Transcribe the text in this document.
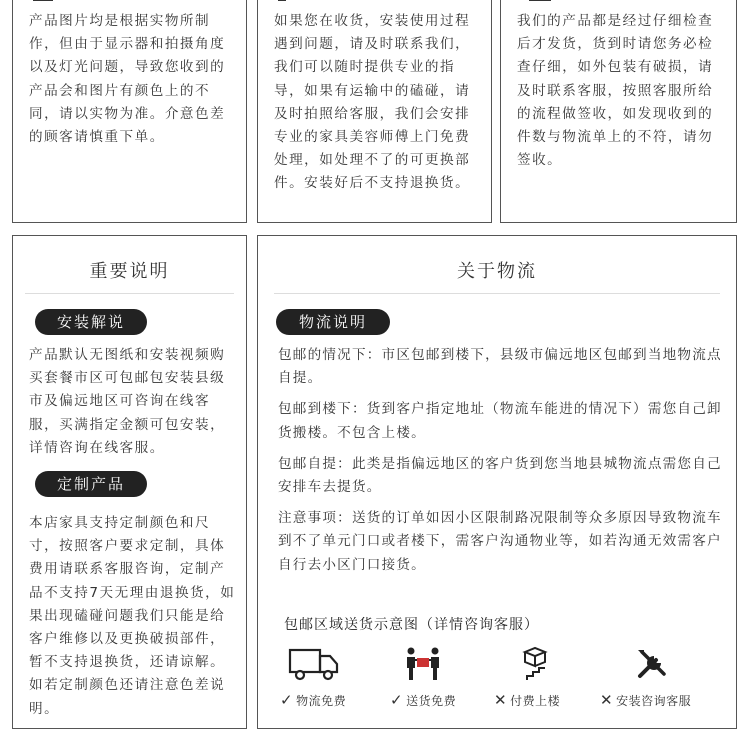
产品图片均是根据实物所制作，但由于显示器和拍摄角度以及灯光问题，导致您收到的产品会和图片有颜色上的不同，请以实物为准。介意色差的顾客请慎重下单。

如果您在收货，安装使用过程遇到问题，请及时联系我们，我们可以随时提供专业的指导，如果有运输中的磕碰，请及时拍照给客服，我们会安排专业的家具美容师傅上门免费处理，如处理不了的可更换部件。安装好后不支持退换货。

我们的产品都是经过仔细检查后才发货，货到时请您务必检查仔细，如外包装有破损，请及时联系客服，按照客服所给的流程做签收，如发现收到的件数与物流单上的不符，请勿签收。

重要说明
安装解说

产品默认无图纸和安装视频购买套餐市区可包邮包安装县级市及偏远地区可咨询在线客服，买满指定金额可包安装，详情咨询在线客服。

定制产品

本店家具支持定制颜色和尺寸，按照客户要求定制，具体费用请联系客服咨询，定制产品不支持7天无理由退换货，如果出现磕碰问题我们只能是给客户维修以及更换破损部件，暂不支持退换货，还请谅解。如若定制颜色还请注意色差说明。

关于物流
物流说明

包邮的情况下：市区包邮到楼下，县级市偏远地区包邮到当地物流点自提。

包邮到楼下：货到客户指定地址（物流车能进的情况下）需您自己卸货搬楼。不包含上楼。

包邮自提：此类是指偏远地区的客户货到您当地县城物流点需您自己安排车去提货。

注意事项：送货的订单如因小区限制路况限制等众多原因导致物流车到不了单元门口或者楼下，需客户沟通物业等，如若沟通无效需客户自行去小区门口接货。

包邮区域送货示意图（详情咨询客服）
✓ 物流免费	✓ 送货免费	✕ 付费上楼	✕ 安装咨询客服
